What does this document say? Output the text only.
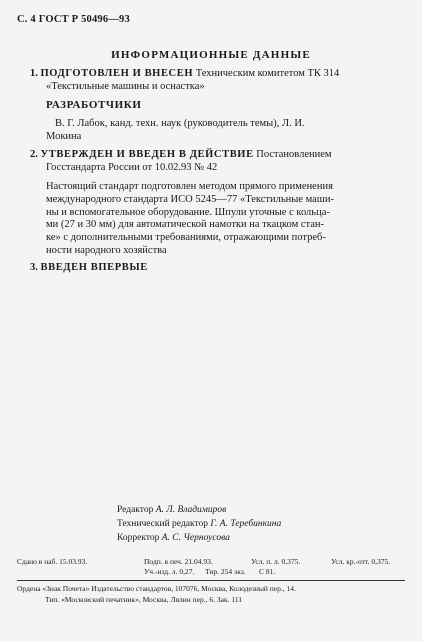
С. 4 ГОСТ Р 50496—93
ИНФОРМАЦИОННЫЕ ДАННЫЕ
1. ПОДГОТОВЛЕН И ВНЕСЕН Техническим комитетом ТК 314
«Текстильные машины и оснастка»
РАЗРАБОТЧИКИ
В. Г. Лабок, канд. техн. наук (руководитель темы), Л. И.
Мокина
2. УТВЕРЖДЕН И ВВЕДЕН В ДЕЙСТВИЕ Постановлением
Госстандарта России от 10.02.93 № 42
Настоящий стандарт подготовлен методом прямого применения
международного стандарта ИСО 5245—77 «Текстильные маши-
ны и вспомогательное оборудование. Шпули уточные с кольца-
ми (27 и 30 мм) для автоматической намотки на ткацком стан-
ке» с дополнительными требованиями, отражающими потреб-
ности народного хозяйства
3. ВВЕДЕН ВПЕРВЫЕ
Редактор А. Л. Владимиров
Технический редактор Г. А. Теребинкина
Корректор А. С. Черноусова
Сдано в наб. 15.03.93.	Подп. в печ. 21.04.93.	Усл. п. л. 0,375.	Усл. кр.-отт. 0,375.
Уч.-изд. л. 0,27. Тир. 254 экз. С 81.
Ордена «Знак Почета» Издательство стандартов, 107076, Москва, Колодезный пер., 14.
Тип. «Московский печатник», Москва, Лялин пер., 6. Зак. 111
